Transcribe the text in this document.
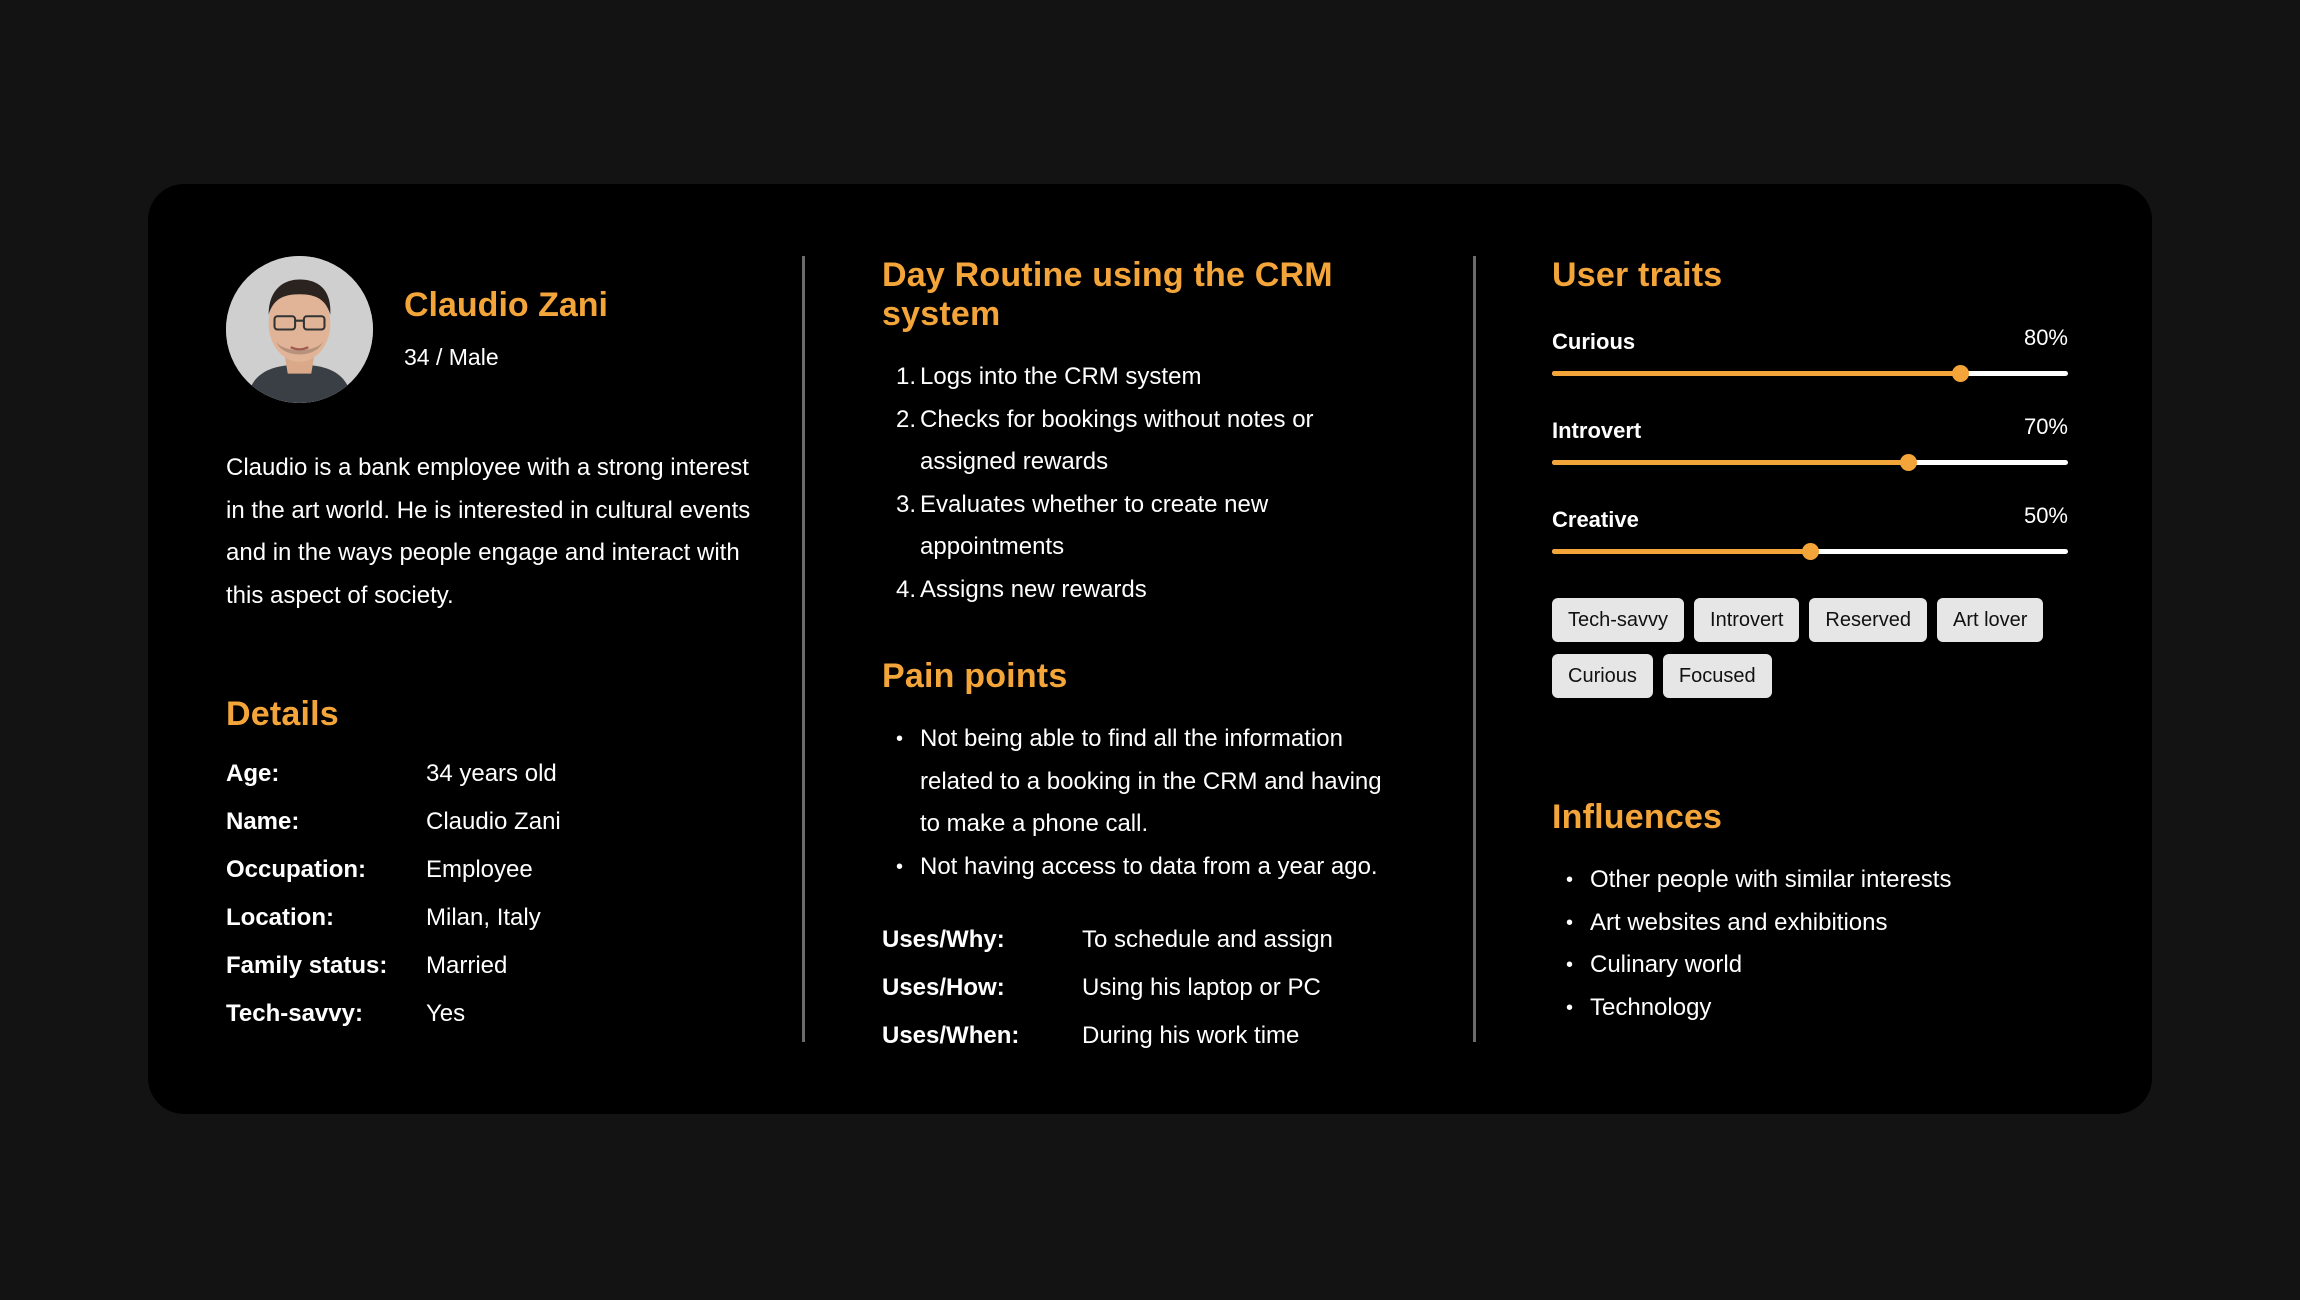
Claudio Zani
34 / Male

Claudio is a bank employee with a strong interest in the art world. He is interested in cultural events and in the ways people engage and interact with this aspect of society.

Details
Age:	34 years old
Name:	Claudio Zani
Occupation:	Employee
Location:	Milan, Italy
Family status:	Married
Tech-savvy:	Yes
Day Routine using the CRM system
1. Logs into the CRM system
2. Checks for bookings without notes or assigned rewards
3. Evaluates whether to create new appointments
4. Assigns new rewards
Pain points
• Not being able to find all the information related to a booking in the CRM and having to make a phone call.
• Not having access to data from a year ago.
Uses/Why:	To schedule and assign
Uses/How:	Using his laptop or PC
Uses/When:	During his work time
User traits
Curious	80%
Introvert	70%
Creative	50%
Tech-savvy	Introvert	Reserved	Art lover
Curious	Focused
Influences
• Other people with similar interests
• Art websites and exhibitions
• Culinary world
• Technology
